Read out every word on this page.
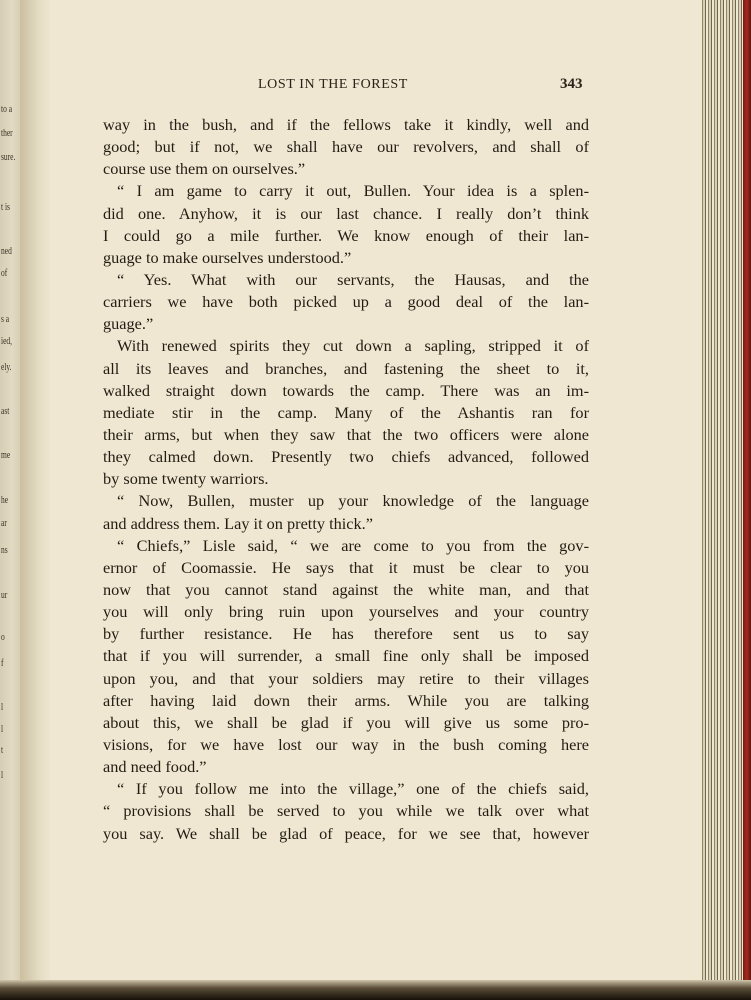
to a
ther
sure.
t is
ned
of
s a
ied,
ely.
ast
me
he
ar
ns
ur
o
f
l
l
t
l
LOST IN THE FOREST	343
way in the bush, and if the fellows take it kindly, well and
good; but if not, we shall have our revolvers, and shall of
course use them on ourselves.”
“ I am game to carry it out, Bullen. Your idea is a splen-
did one. Anyhow, it is our last chance. I really don’t think
I could go a mile further. We know enough of their lan-
guage to make ourselves understood.”
“ Yes. What with our servants, the Hausas, and the
carriers we have both picked up a good deal of the lan-
guage.”
With renewed spirits they cut down a sapling, stripped it of
all its leaves and branches, and fastening the sheet to it,
walked straight down towards the camp. There was an im-
mediate stir in the camp. Many of the Ashantis ran for
their arms, but when they saw that the two officers were alone
they calmed down. Presently two chiefs advanced, followed
by some twenty warriors.
“ Now, Bullen, muster up your knowledge of the language
and address them. Lay it on pretty thick.”
“ Chiefs,” Lisle said, “ we are come to you from the gov-
ernor of Coomassie. He says that it must be clear to you
now that you cannot stand against the white man, and that
you will only bring ruin upon yourselves and your country
by further resistance. He has therefore sent us to say
that if you will surrender, a small fine only shall be imposed
upon you, and that your soldiers may retire to their villages
after having laid down their arms. While you are talking
about this, we shall be glad if you will give us some pro-
visions, for we have lost our way in the bush coming here
and need food.”
“ If you follow me into the village,” one of the chiefs said,
“ provisions shall be served to you while we talk over what
you say. We shall be glad of peace, for we see that, however
